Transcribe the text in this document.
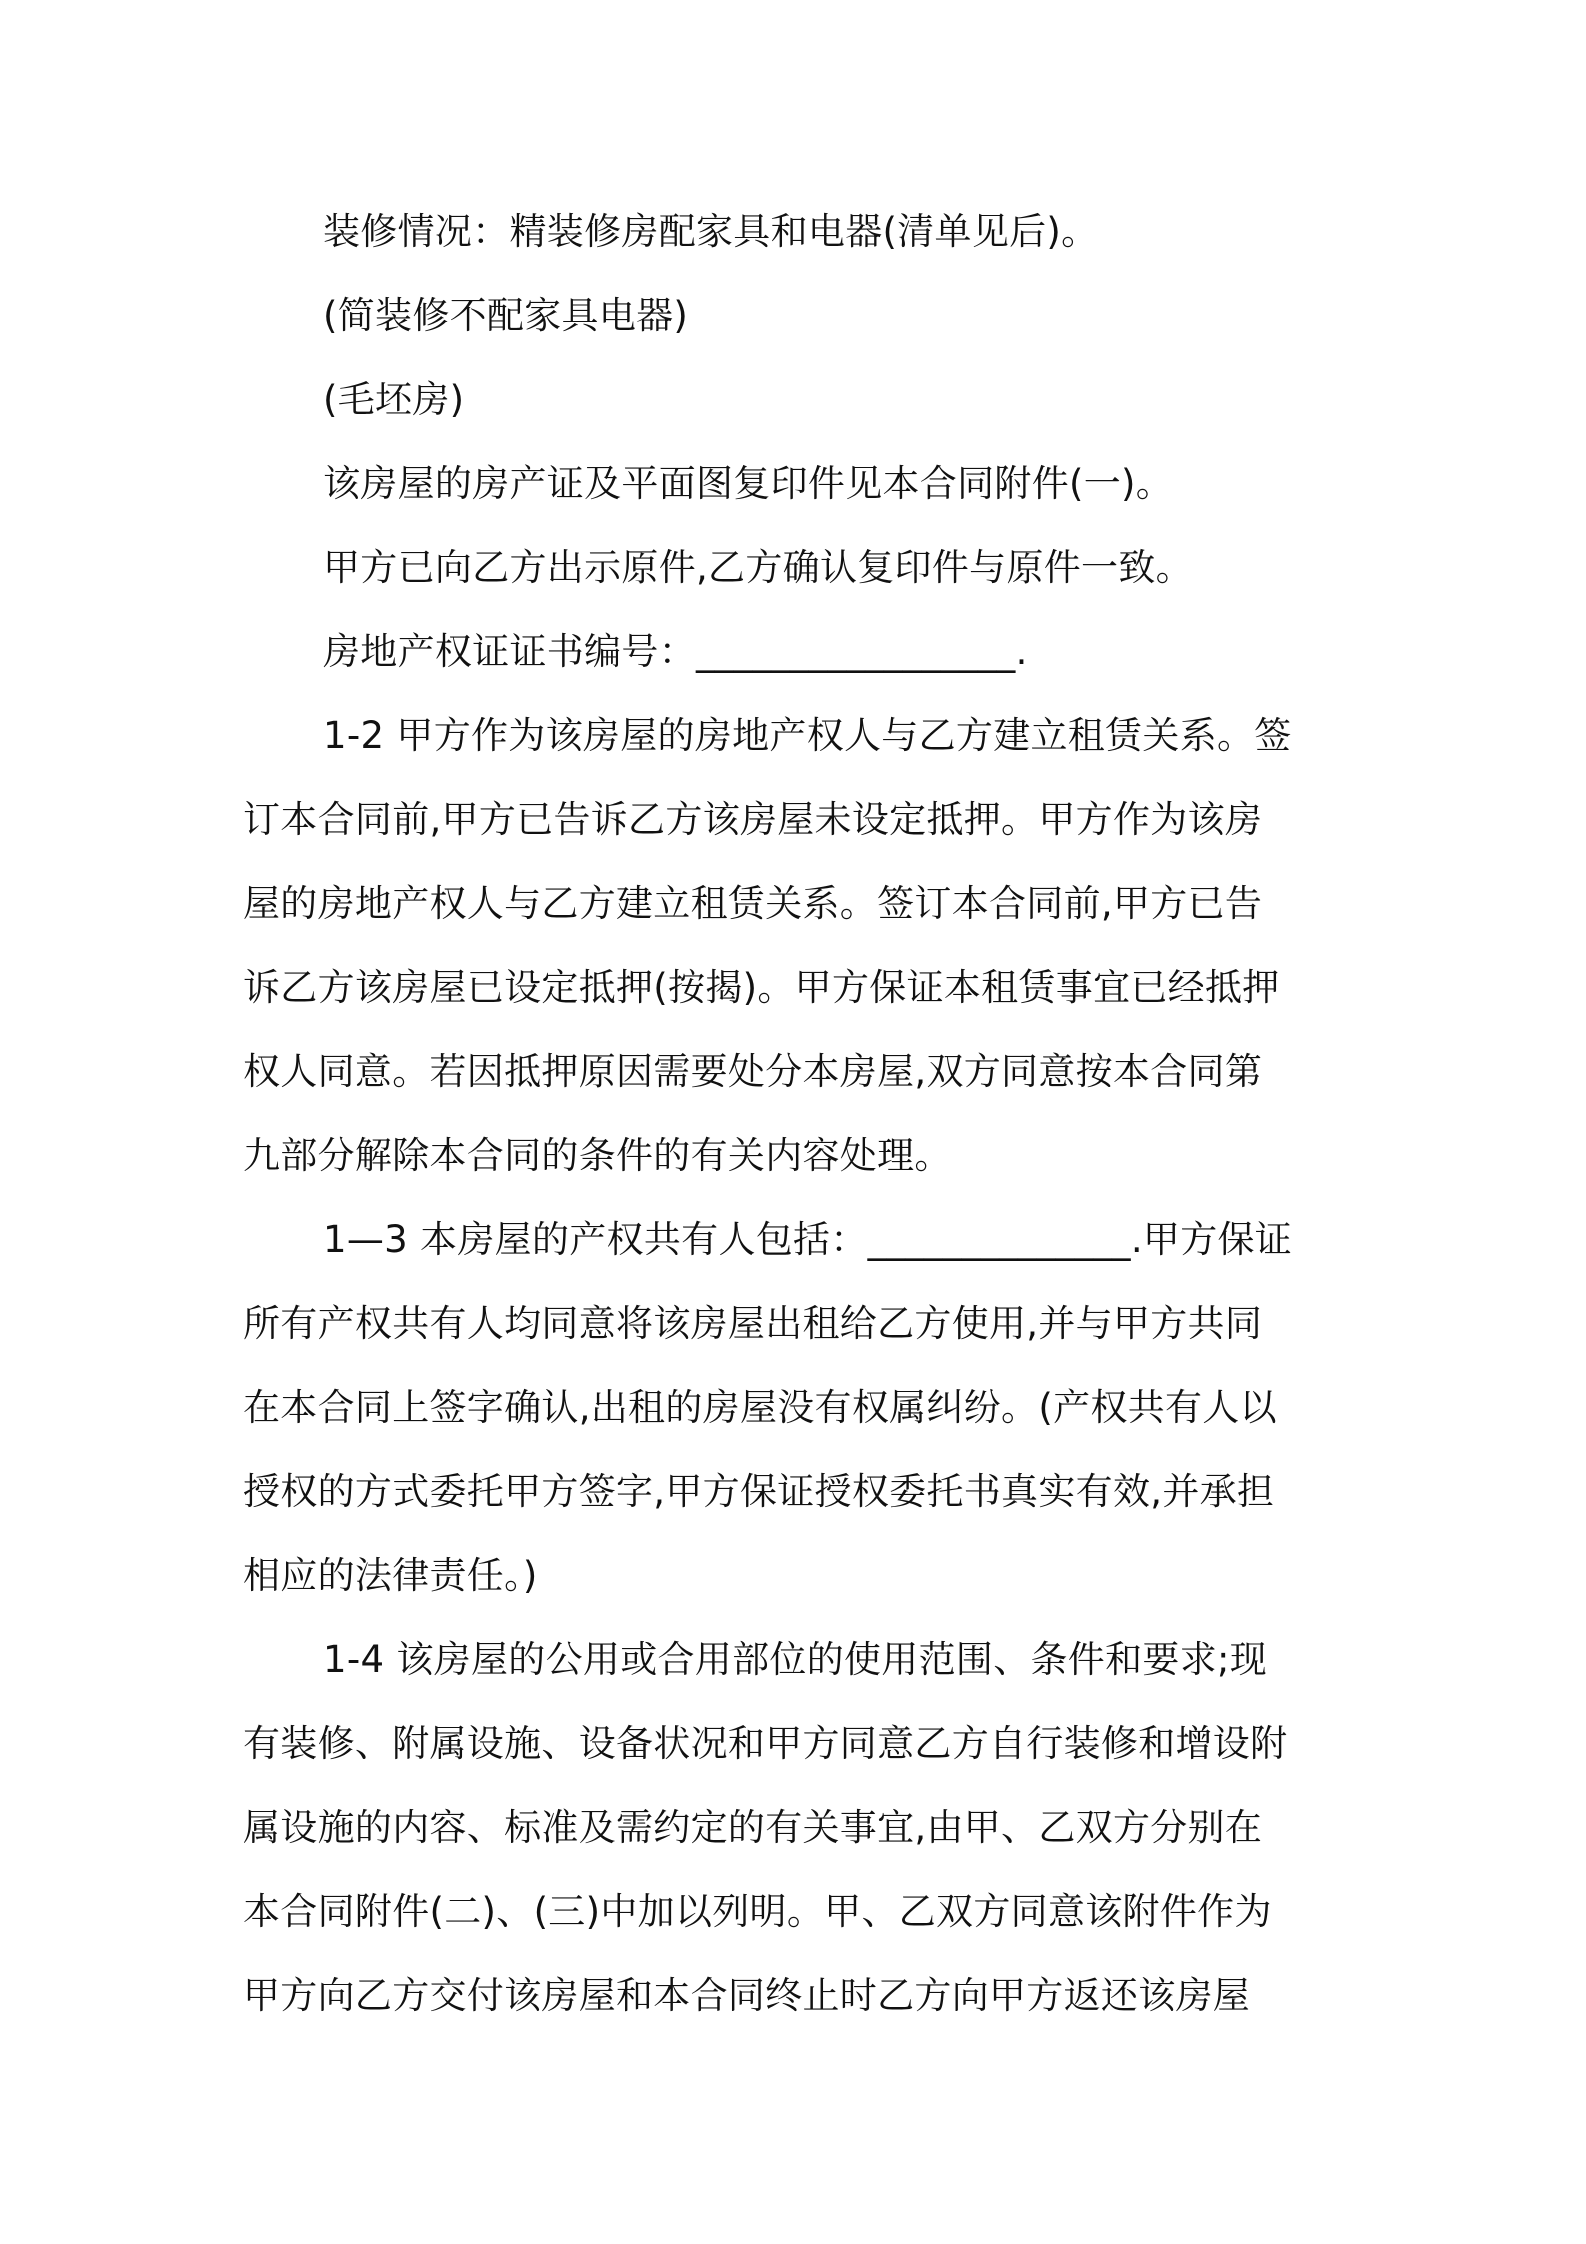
装修情况：精装修房配家具和电器(清单见后)。
(简装修不配家具电器)
(毛坯房)
该房屋的房产证及平面图复印件见本合同附件(一)。
甲方已向乙方出示原件,乙方确认复印件与原件一致。
房地产权证证书编号：_________________.
1-2 甲方作为该房屋的房地产权人与乙方建立租赁关系。签
订本合同前,甲方已告诉乙方该房屋未设定抵押。甲方作为该房
屋的房地产权人与乙方建立租赁关系。签订本合同前,甲方已告
诉乙方该房屋已设定抵押(按揭)。甲方保证本租赁事宜已经抵押
权人同意。若因抵押原因需要处分本房屋,双方同意按本合同第
九部分解除本合同的条件的有关内容处理。
1—3 本房屋的产权共有人包括：______________.甲方保证
所有产权共有人均同意将该房屋出租给乙方使用,并与甲方共同
在本合同上签字确认,出租的房屋没有权属纠纷。(产权共有人以
授权的方式委托甲方签字,甲方保证授权委托书真实有效,并承担
相应的法律责任。)
1-4 该房屋的公用或合用部位的使用范围、条件和要求;现
有装修、附属设施、设备状况和甲方同意乙方自行装修和增设附
属设施的内容、标准及需约定的有关事宜,由甲、乙双方分别在
本合同附件(二)、(三)中加以列明。甲、乙双方同意该附件作为
甲方向乙方交付该房屋和本合同终止时乙方向甲方返还该房屋
